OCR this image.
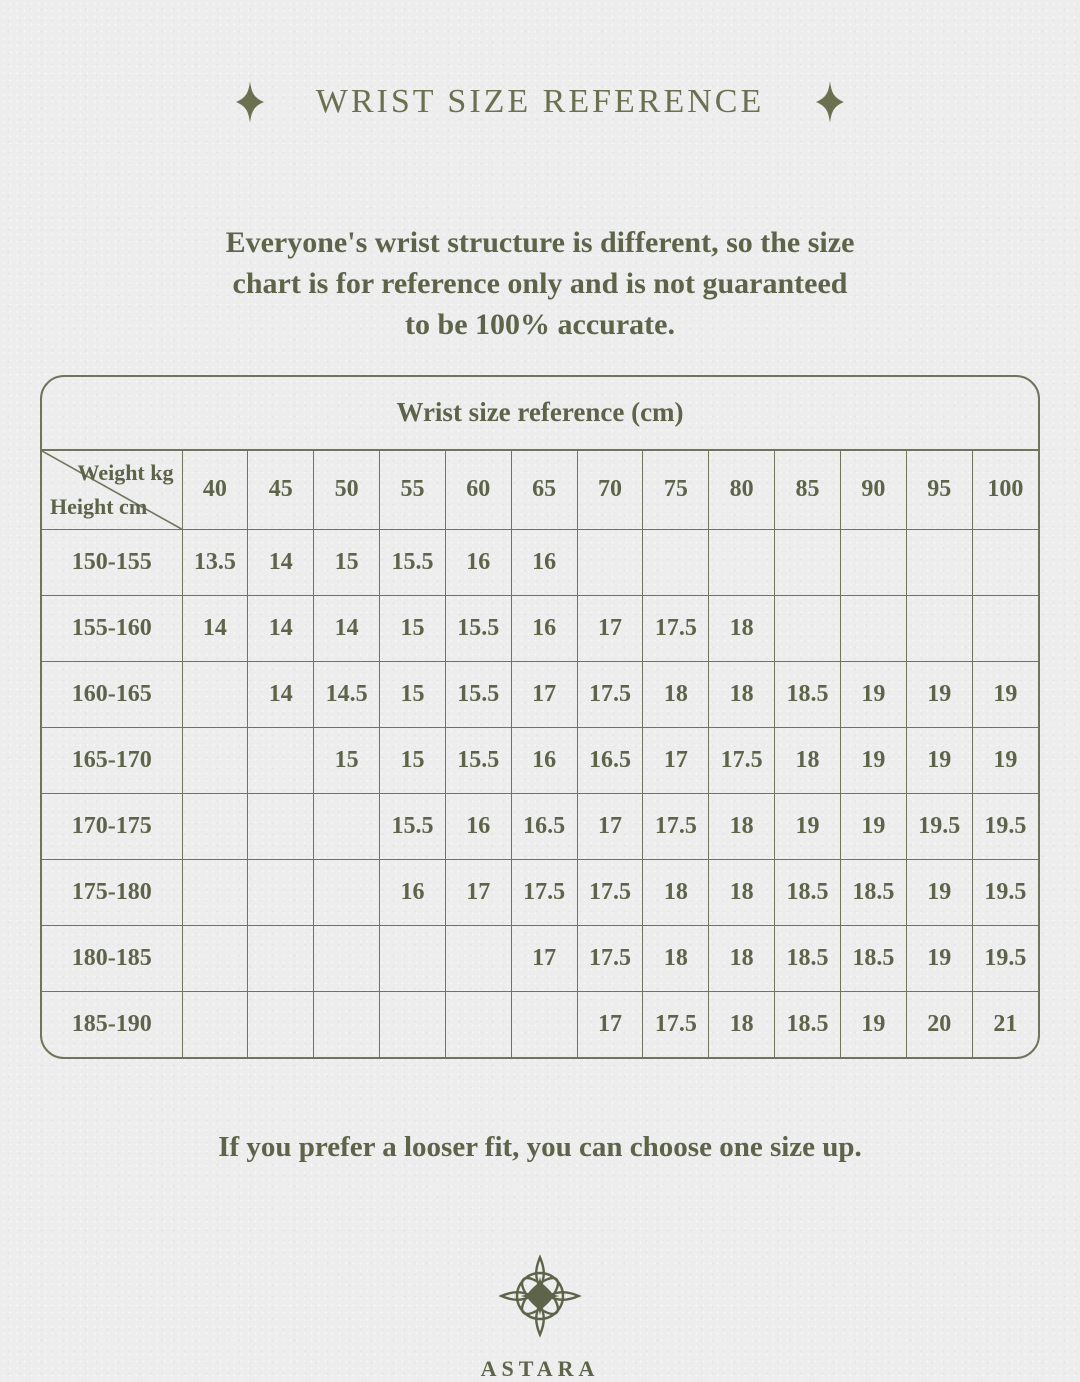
WRIST SIZE REFERENCE
Everyone's wrist structure is different, so the size
chart is for reference only and is not guaranteed
to be 100% accurate.
Wrist size reference (cm)
Weight kg
Height cm	40	45	50	55	60	65	70	75	80	85	90	95	100
150-155	13.5	14	15	15.5	16	16							
155-160	14	14	14	15	15.5	16	17	17.5	18				
160-165		14	14.5	15	15.5	17	17.5	18	18	18.5	19	19	19
165-170			15	15	15.5	16	16.5	17	17.5	18	19	19	19
170-175				15.5	16	16.5	17	17.5	18	19	19	19.5	19.5
175-180				16	17	17.5	17.5	18	18	18.5	18.5	19	19.5
180-185						17	17.5	18	18	18.5	18.5	19	19.5
185-190							17	17.5	18	18.5	19	20	21
If you prefer a looser fit, you can choose one size up.
ASTARA
